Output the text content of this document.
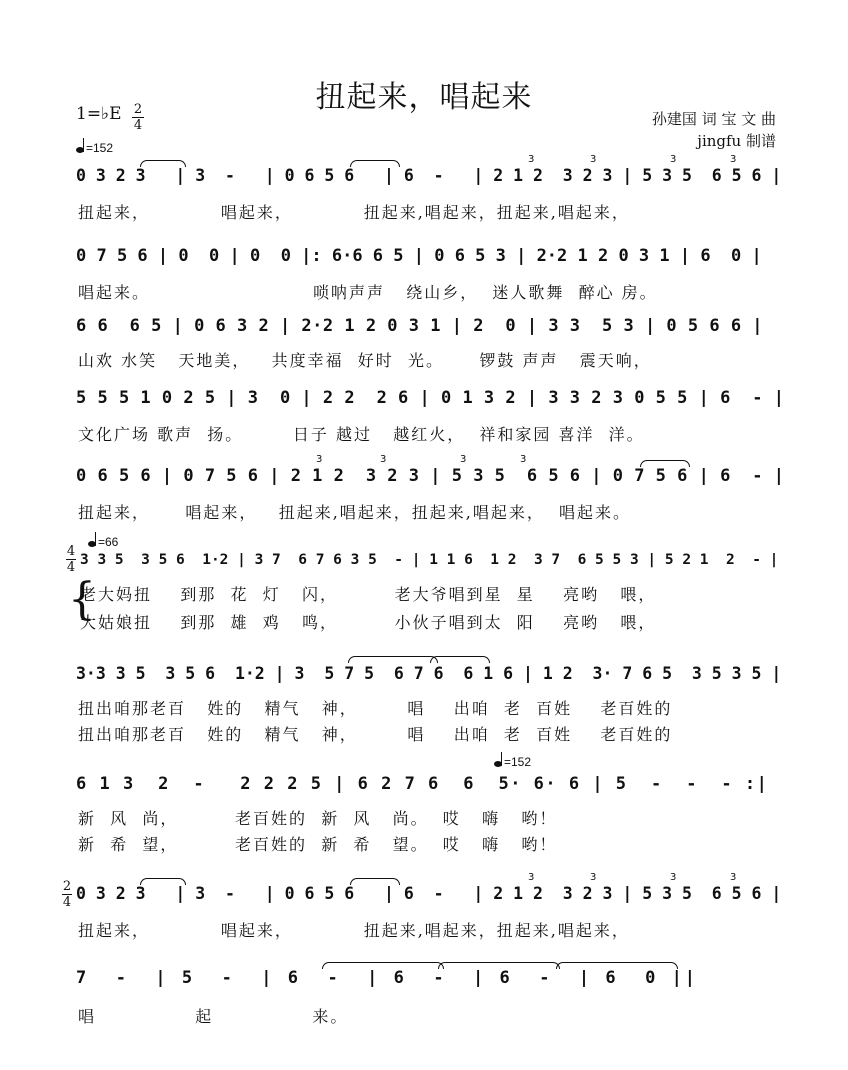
扭起来，唱起来
孙建国 词 宝 文 曲
jingfu 制谱
1=♭E 2
4
=152
0 3 2 3   | 3  -   | 0 6 5 6   | 6  -   | 2 1 2  3 2 3 | 5 3 5  6 5 6 |
扭起来，          唱起来，          扭起来,唱起来，扭起来,唱起来，
3	3	3	3
0 7 5 6 | 0  0 | 0  0 |: 6·6 6 5 | 0 6 5 3 | 2·2 1 2 0 3 1 | 6  0 |
唱起来。                       唢呐声声   绕山乡，  迷人歌舞  醉心 房。
6 6  6 5 | 0 6 3 2 | 2·2 1 2 0 3 1 | 2  0 | 3 3  5 3 | 0 5 6 6 |
山欢 水笑   天地美，   共度幸福  好时  光。     锣鼓 声声   震天响，
5 5 5 1 0 2 5 | 3  0 | 2 2  2 6 | 0 1 3 2 | 3 3 2 3 0 5 5 | 6  - |
文化广场 歌声  扬。       日子 越过   越红火，  祥和家园 喜洋  洋。
0 6 5 6 | 0 7 5 6 | 2 1 2  3 2 3 | 5 3 5  6 5 6 | 0 7 5 6 | 6  - |
扭起来，     唱起来，   扭起来,唱起来，扭起来,唱起来，  唱起来。
3	3	3	3
4
4
=66
3 3 5  3 5 6  1·2 | 3 7  6 7 6 3 5  - | 1 1 6  1 2  3 7  6 5 5 3 | 5 2 1  2  - |
{
老大妈扭    到那  花  灯   闪，        老大爷唱到星  星    亮哟   喂，
大姑娘扭    到那  雄  鸡   鸣，        小伙子唱到太  阳    亮哟   喂，
3·3 3 5  3 5 6  1·2 | 3  5 7 5  6 7 6  6 1 6 | 1 2  3· 7 6 5  3 5 3 5 |
扭出咱那老百   姓的   精气   神，       唱    出咱  老  百姓    老百姓的
扭出咱那老百   姓的   精气   神，       唱    出咱  老  百姓    老百姓的
=152
6 1 3  2  -   2 2 2 5 | 6 2 7 6  6  5· 6· 6 | 5  -  -  - :|
新  风  尚，        老百姓的  新  风   尚。  哎   嗨   哟！
新  希  望，        老百姓的  新  希   望。  哎   嗨   哟！
2
4 0 3 2 3   | 3  -   | 0 6 5 6   | 6  -   | 2 1 2  3 2 3 | 5 3 5  6 5 6 |
扭起来，          唱起来，          扭起来,唱起来，扭起来,唱起来，
3	3	3	3
7  -  | 5  -  | 6  -  | 6  -  | 6  -  | 6  0 ||
唱              起              来。
